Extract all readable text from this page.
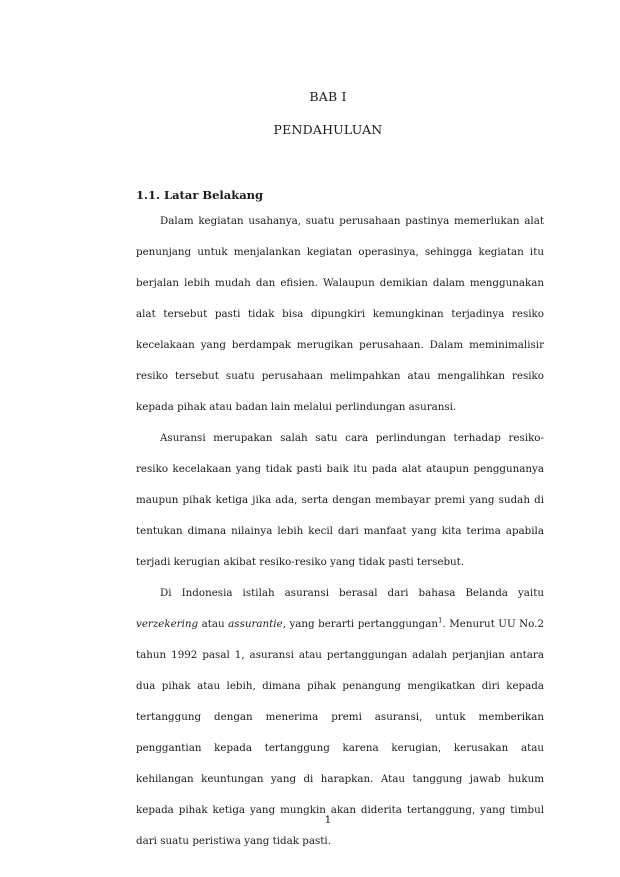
BAB I
PENDAHULUAN
1.1. Latar Belakang

Dalam kegiatan usahanya, suatu perusahaan pastinya memerlukan alat penunjang untuk menjalankan kegiatan operasinya, sehingga kegiatan itu berjalan lebih mudah dan efisien. Walaupun demikian dalam menggunakan alat tersebut pasti tidak bisa dipungkiri kemungkinan terjadinya resiko kecelakaan yang berdampak merugikan perusahaan. Dalam meminimalisir resiko tersebut suatu perusahaan melimpahkan atau mengalihkan resiko kepada pihak atau badan lain melalui perlindungan asuransi.

Asuransi merupakan salah satu cara perlindungan terhadap resiko-resiko kecelakaan yang tidak pasti baik itu pada alat ataupun penggunanya maupun pihak ketiga jika ada, serta dengan membayar premi yang sudah di tentukan dimana nilainya lebih kecil dari manfaat yang kita terima apabila terjadi kerugian akibat resiko-resiko yang tidak pasti tersebut.

Di Indonesia istilah asuransi berasal dari bahasa Belanda yaitu verzekering atau assurantie, yang berarti pertanggungan$^1$. Menurut UU No.2 tahun 1992 pasal 1, asuransi atau pertanggungan adalah perjanjian antara dua pihak atau lebih, dimana pihak penangung mengikatkan diri kepada tertanggung dengan menerima premi asuransi, untuk memberikan penggantian kepada tertanggung karena kerugian, kerusakan atau kehilangan keuntungan yang di harapkan. Atau tanggung jawab hukum kepada pihak ketiga yang mungkin akan diderita tertanggung, yang timbul dari suatu peristiwa yang tidak pasti.

1
